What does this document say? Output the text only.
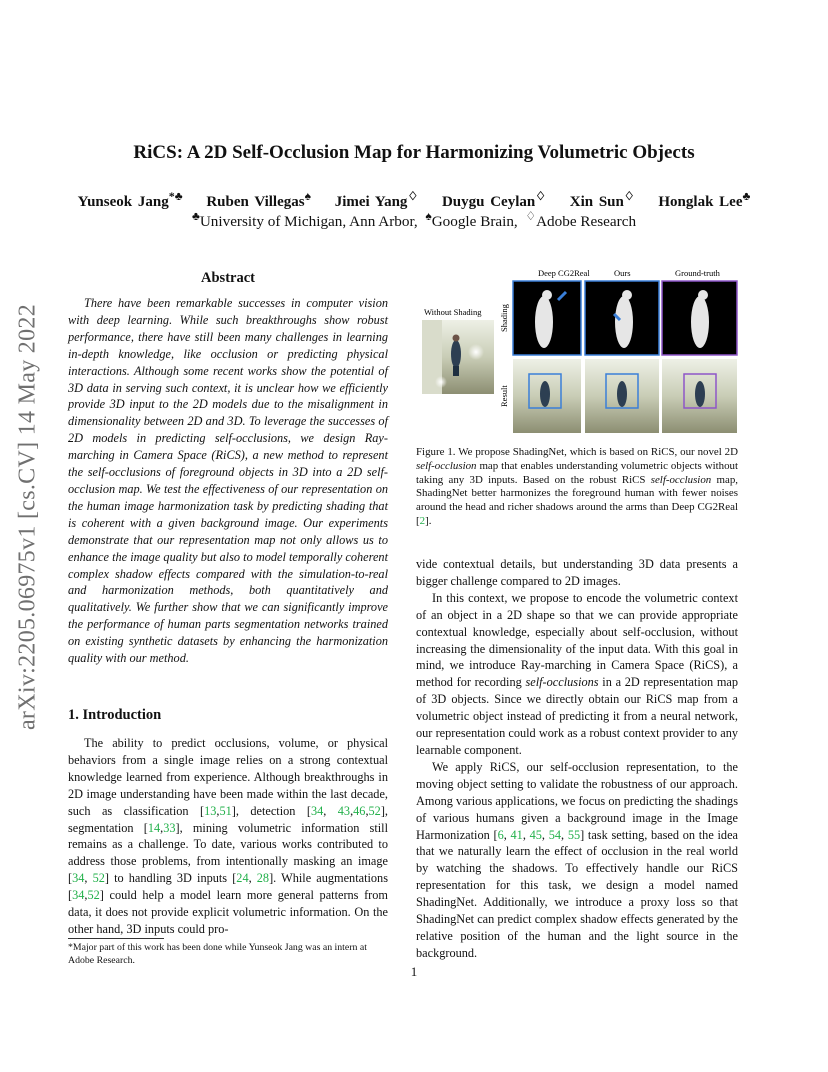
RiCS: A 2D Self-Occlusion Map for Harmonizing Volumetric Objects
Yunseok Jang*♣ Ruben Villegas♠ Jimei Yang♢ Duygu Ceylan♢ Xin Sun♢ Honglak Lee♣
♣University of Michigan, Ann Arbor, ♠Google Brain, ♢Adobe Research
arXiv:2205.06975v1 [cs.CV] 14 May 2022
Abstract

There have been remarkable successes in computer vision with deep learning. While such breakthroughs show robust performance, there have still been many challenges in learning in-depth knowledge, like occlusion or predicting physical interactions. Although some recent works show the potential of 3D data in serving such context, it is unclear how we efficiently provide 3D input to the 2D models due to the misalignment in dimensionality between 2D and 3D. To leverage the successes of 2D models in predicting self-occlusions, we design Ray-marching in Camera Space (RiCS), a new method to represent the self-occlusions of foreground objects in 3D into a 2D self-occlusion map. We test the effectiveness of our representation on the human image harmonization task by predicting shading that is coherent with a given background image. Our experiments demonstrate that our representation map not only allows us to enhance the image quality but also to model temporally coherent complex shadow effects compared with the simulation-to-real and harmonization methods, both quantitatively and qualitatively. We further show that we can significantly improve the performance of human parts segmentation networks trained on existing synthetic datasets by enhancing the harmonization quality with our method.

1. Introduction

The ability to predict occlusions, volume, or physical behaviors from a single image relies on a strong contextual knowledge learned from experience. Although breakthroughs in 2D image understanding have been made within the last decade, such as classification [13,51], detection [34, 43,46,52], segmentation [14,33], mining volumetric information still remains as a challenge. To date, various works contributed to address those problems, from intentionally masking an image [34, 52] to handling 3D inputs [24, 28]. While augmentations [34,52] could help a model learn more general patterns from data, it does not provide explicit volumetric information. On the other hand, 3D inputs could pro-

*Major part of this work has been done while Yunseok Jang was an intern at Adobe Research.
1
Deep CG2Real	Ours	Ground-truth
Without Shading Shading
Result

Figure 1. We propose ShadingNet, which is based on RiCS, our novel 2D self-occlusion map that enables understanding volumetric objects without taking any 3D inputs. Based on the robust RiCS self-occlusion map, ShadingNet better harmonizes the foreground human with fewer noises around the head and richer shadows around the arms than Deep CG2Real [2].

vide contextual details, but understanding 3D data presents a bigger challenge compared to 2D images.

In this context, we propose to encode the volumetric context of an object in a 2D shape so that we can provide appropriate contextual knowledge, especially about self-occlusion, without increasing the dimensionality of the input data. With this goal in mind, we introduce Ray-marching in Camera Space (RiCS), a method for recording self-occlusions in a 2D representation map of 3D objects. Since we directly obtain our RiCS map from a volumetric object instead of predicting it from a neural network, our representation could work as a robust context provider to any learnable component.

We apply RiCS, our self-occlusion representation, to the moving object setting to validate the robustness of our approach. Among various applications, we focus on predicting the shadings of various humans given a background image in the Image Harmonization [6, 41, 45, 54, 55] task setting, based on the idea that we naturally learn the effect of occlusion in the real world by watching the shadows. To effectively handle our RiCS representation for this task, we design a model named ShadingNet. Additionally, we introduce a proxy loss so that ShadingNet can predict complex shadow effects generated by the relative position of the human and the light source in the background.
